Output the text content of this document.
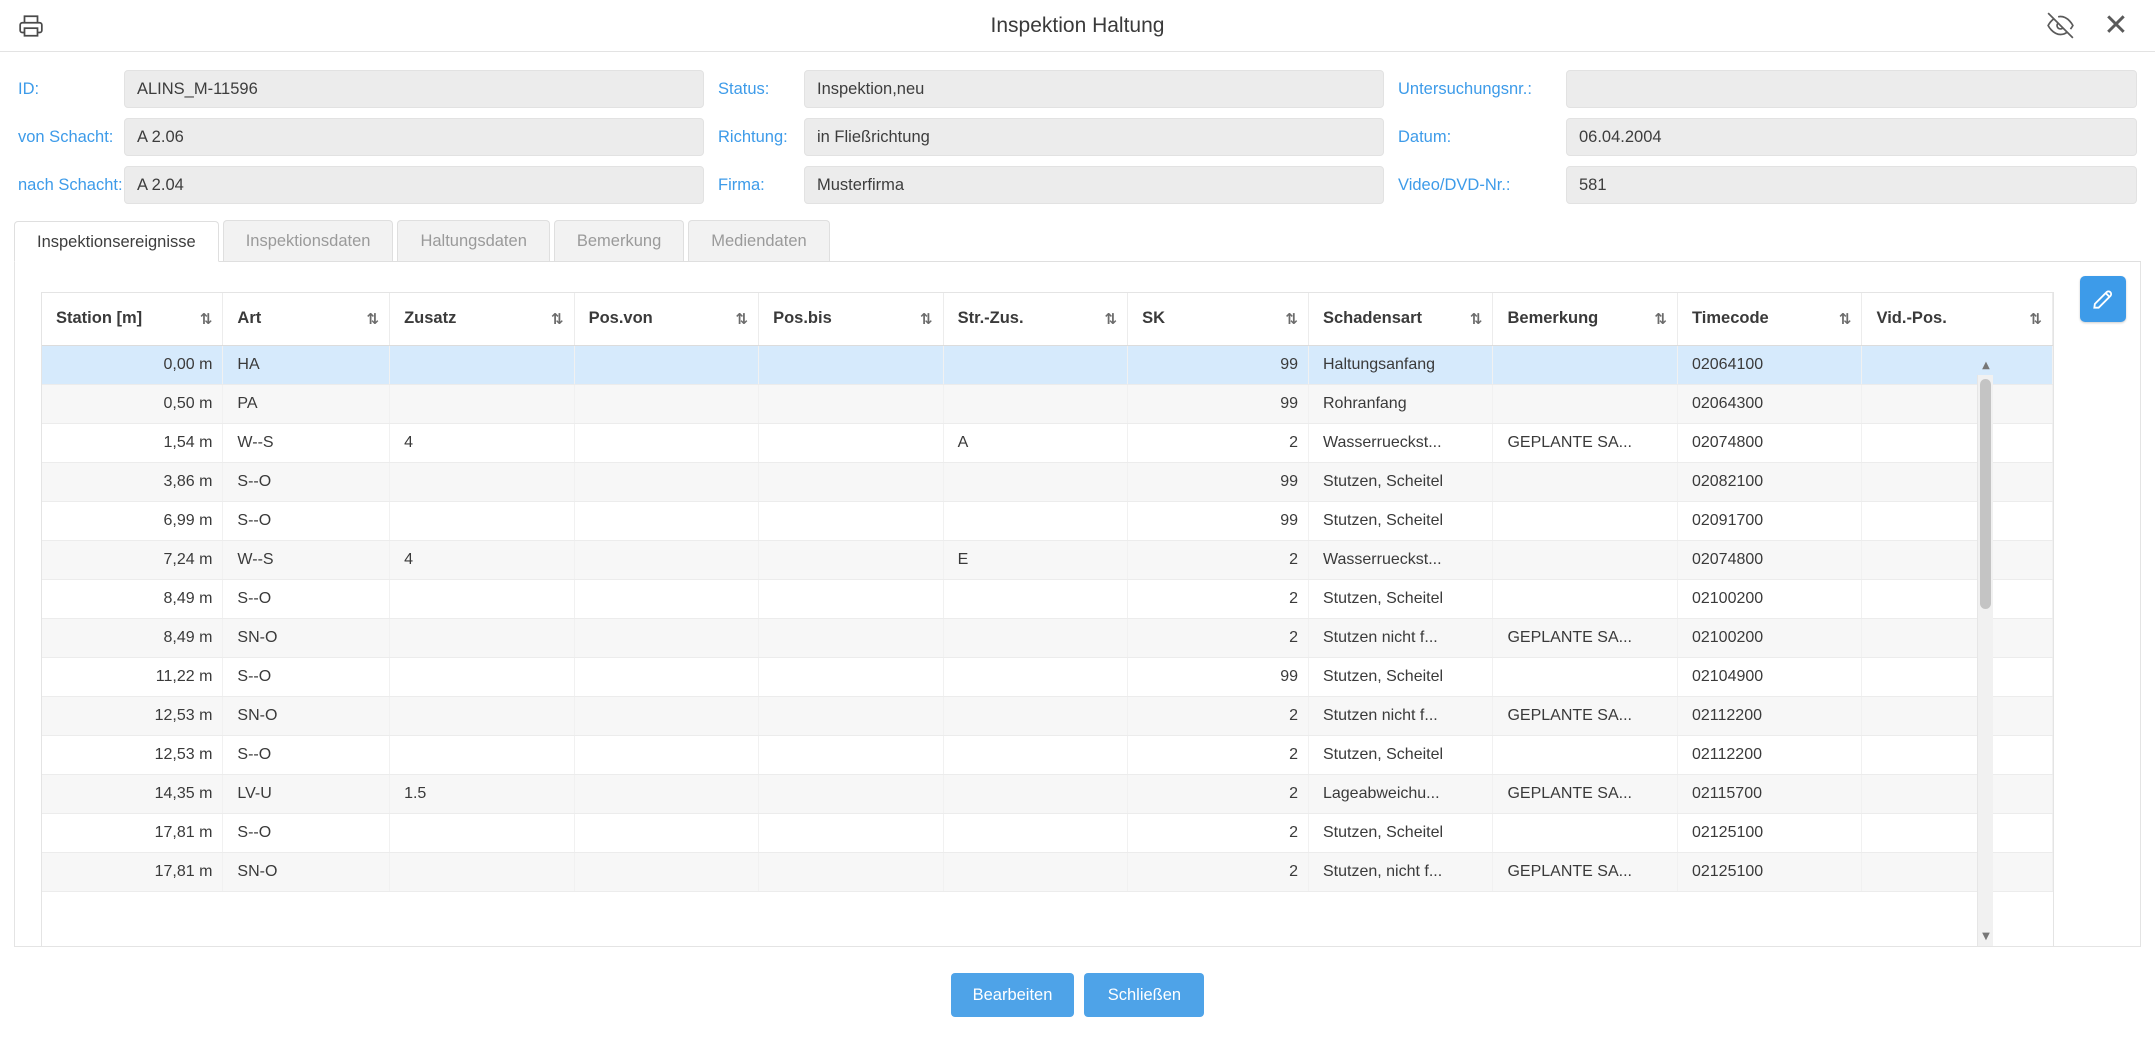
Inspektion Haltung	✕
ID:	ALINS_M-11596	Status:	Inspektion,neu	Untersuchungsnr.:
von Schacht:	A 2.06	Richtung:	in Fließrichtung	Datum:	06.04.2004
nach Schacht: A 2.04	Firma:	Musterfirma	Video/DVD-Nr.:	581
Inspektionsereignisse	Inspektionsdaten	Haltungsdaten	Bemerkung	Mediendaten
Station [m] ⇅	Art ⇅	Zusatz ⇅	Pos.von ⇅	Pos.bis ⇅	Str.-Zus. ⇅	SK ⇅	Schadensart ⇅	Bemerkung ⇅	Timecode ⇅	Vid.-Pos. ⇅

0,00 m	HA					99	Haltungsanfang		02064100	
0,50 m	PA					99	Rohranfang		02064300	
1,54 m	W--S	4			A	2	Wasserrueckst...	GEPLANTE SA...	02074800	
3,86 m	S--O					99	Stutzen, Scheitel		02082100	
6,99 m	S--O					99	Stutzen, Scheitel		02091700	
7,24 m	W--S	4			E	2	Wasserrueckst...		02074800	
8,49 m	S--O					2	Stutzen, Scheitel		02100200	
8,49 m	SN-O					2	Stutzen nicht f...	GEPLANTE SA...	02100200	
11,22 m	S--O					99	Stutzen, Scheitel		02104900	
12,53 m	SN-O					2	Stutzen nicht f...	GEPLANTE SA...	02112200	
12,53 m	S--O					2	Stutzen, Scheitel		02112200	
14,35 m	LV-U	1.5				2	Lageabweichu...	GEPLANTE SA...	02115700	
17,81 m	S--O					2	Stutzen, Scheitel		02125100	
17,81 m	SN-O					2	Stutzen, nicht f...	GEPLANTE SA...	02125100	
▲
▼
Bearbeiten	Schließen
